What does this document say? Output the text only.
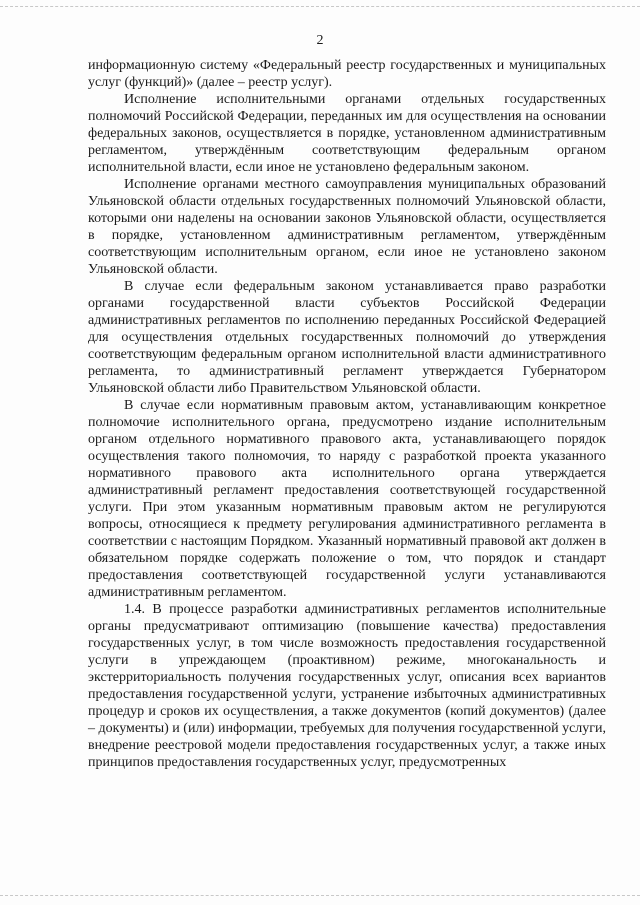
2

информационную систему «Федеральный реестр государственных и муниципальных услуг (функций)» (далее – реестр услуг).

Исполнение исполнительными органами отдельных государственных полномочий Российской Федерации, переданных им для осуществления на основании федеральных законов, осуществляется в порядке, установленном административным регламентом, утверждённым соответствующим федеральным органом исполнительной власти, если иное не установлено федеральным законом.

Исполнение органами местного самоуправления муниципальных образований Ульяновской области отдельных государственных полномочий Ульяновской области, которыми они наделены на основании законов Ульяновской области, осуществляется в порядке, установленном административным регламентом, утверждённым соответствующим исполнительным органом, если иное не установлено законом Ульяновской области.

В случае если федеральным законом устанавливается право разработки органами государственной власти субъектов Российской Федерации административных регламентов по исполнению переданных Российской Федерацией для осуществления отдельных государственных полномочий до утверждения соответствующим федеральным органом исполнительной власти административного регламента, то административный регламент утверждается Губернатором Ульяновской области либо Правительством Ульяновской области.

В случае если нормативным правовым актом, устанавливающим конкретное полномочие исполнительного органа, предусмотрено издание исполнительным органом отдельного нормативного правового акта, устанавливающего порядок осуществления такого полномочия, то наряду с разработкой проекта указанного нормативного правового акта исполнительного органа утверждается административный регламент предоставления соответствующей государственной услуги. При этом указанным нормативным правовым актом не регулируются вопросы, относящиеся к предмету регулирования административного регламента в соответствии с настоящим Порядком. Указанный нормативный правовой акт должен в обязательном порядке содержать положение о том, что порядок и стандарт предоставления соответствующей государственной услуги устанавливаются административным регламентом.

1.4. В процессе разработки административных регламентов исполнительные органы предусматривают оптимизацию (повышение качества) предоставления государственных услуг, в том числе возможность предоставления государственной услуги в упреждающем (проактивном) режиме, многоканальность и экстерриториальность получения государственных услуг, описания всех вариантов предоставления государственной услуги, устранение избыточных административных процедур и сроков их осуществления, а также документов (копий документов) (далее – документы) и (или) информации, требуемых для получения государственной услуги, внедрение реестровой модели предоставления государственных услуг, а также иных принципов предоставления государственных услуг, предусмотренных
